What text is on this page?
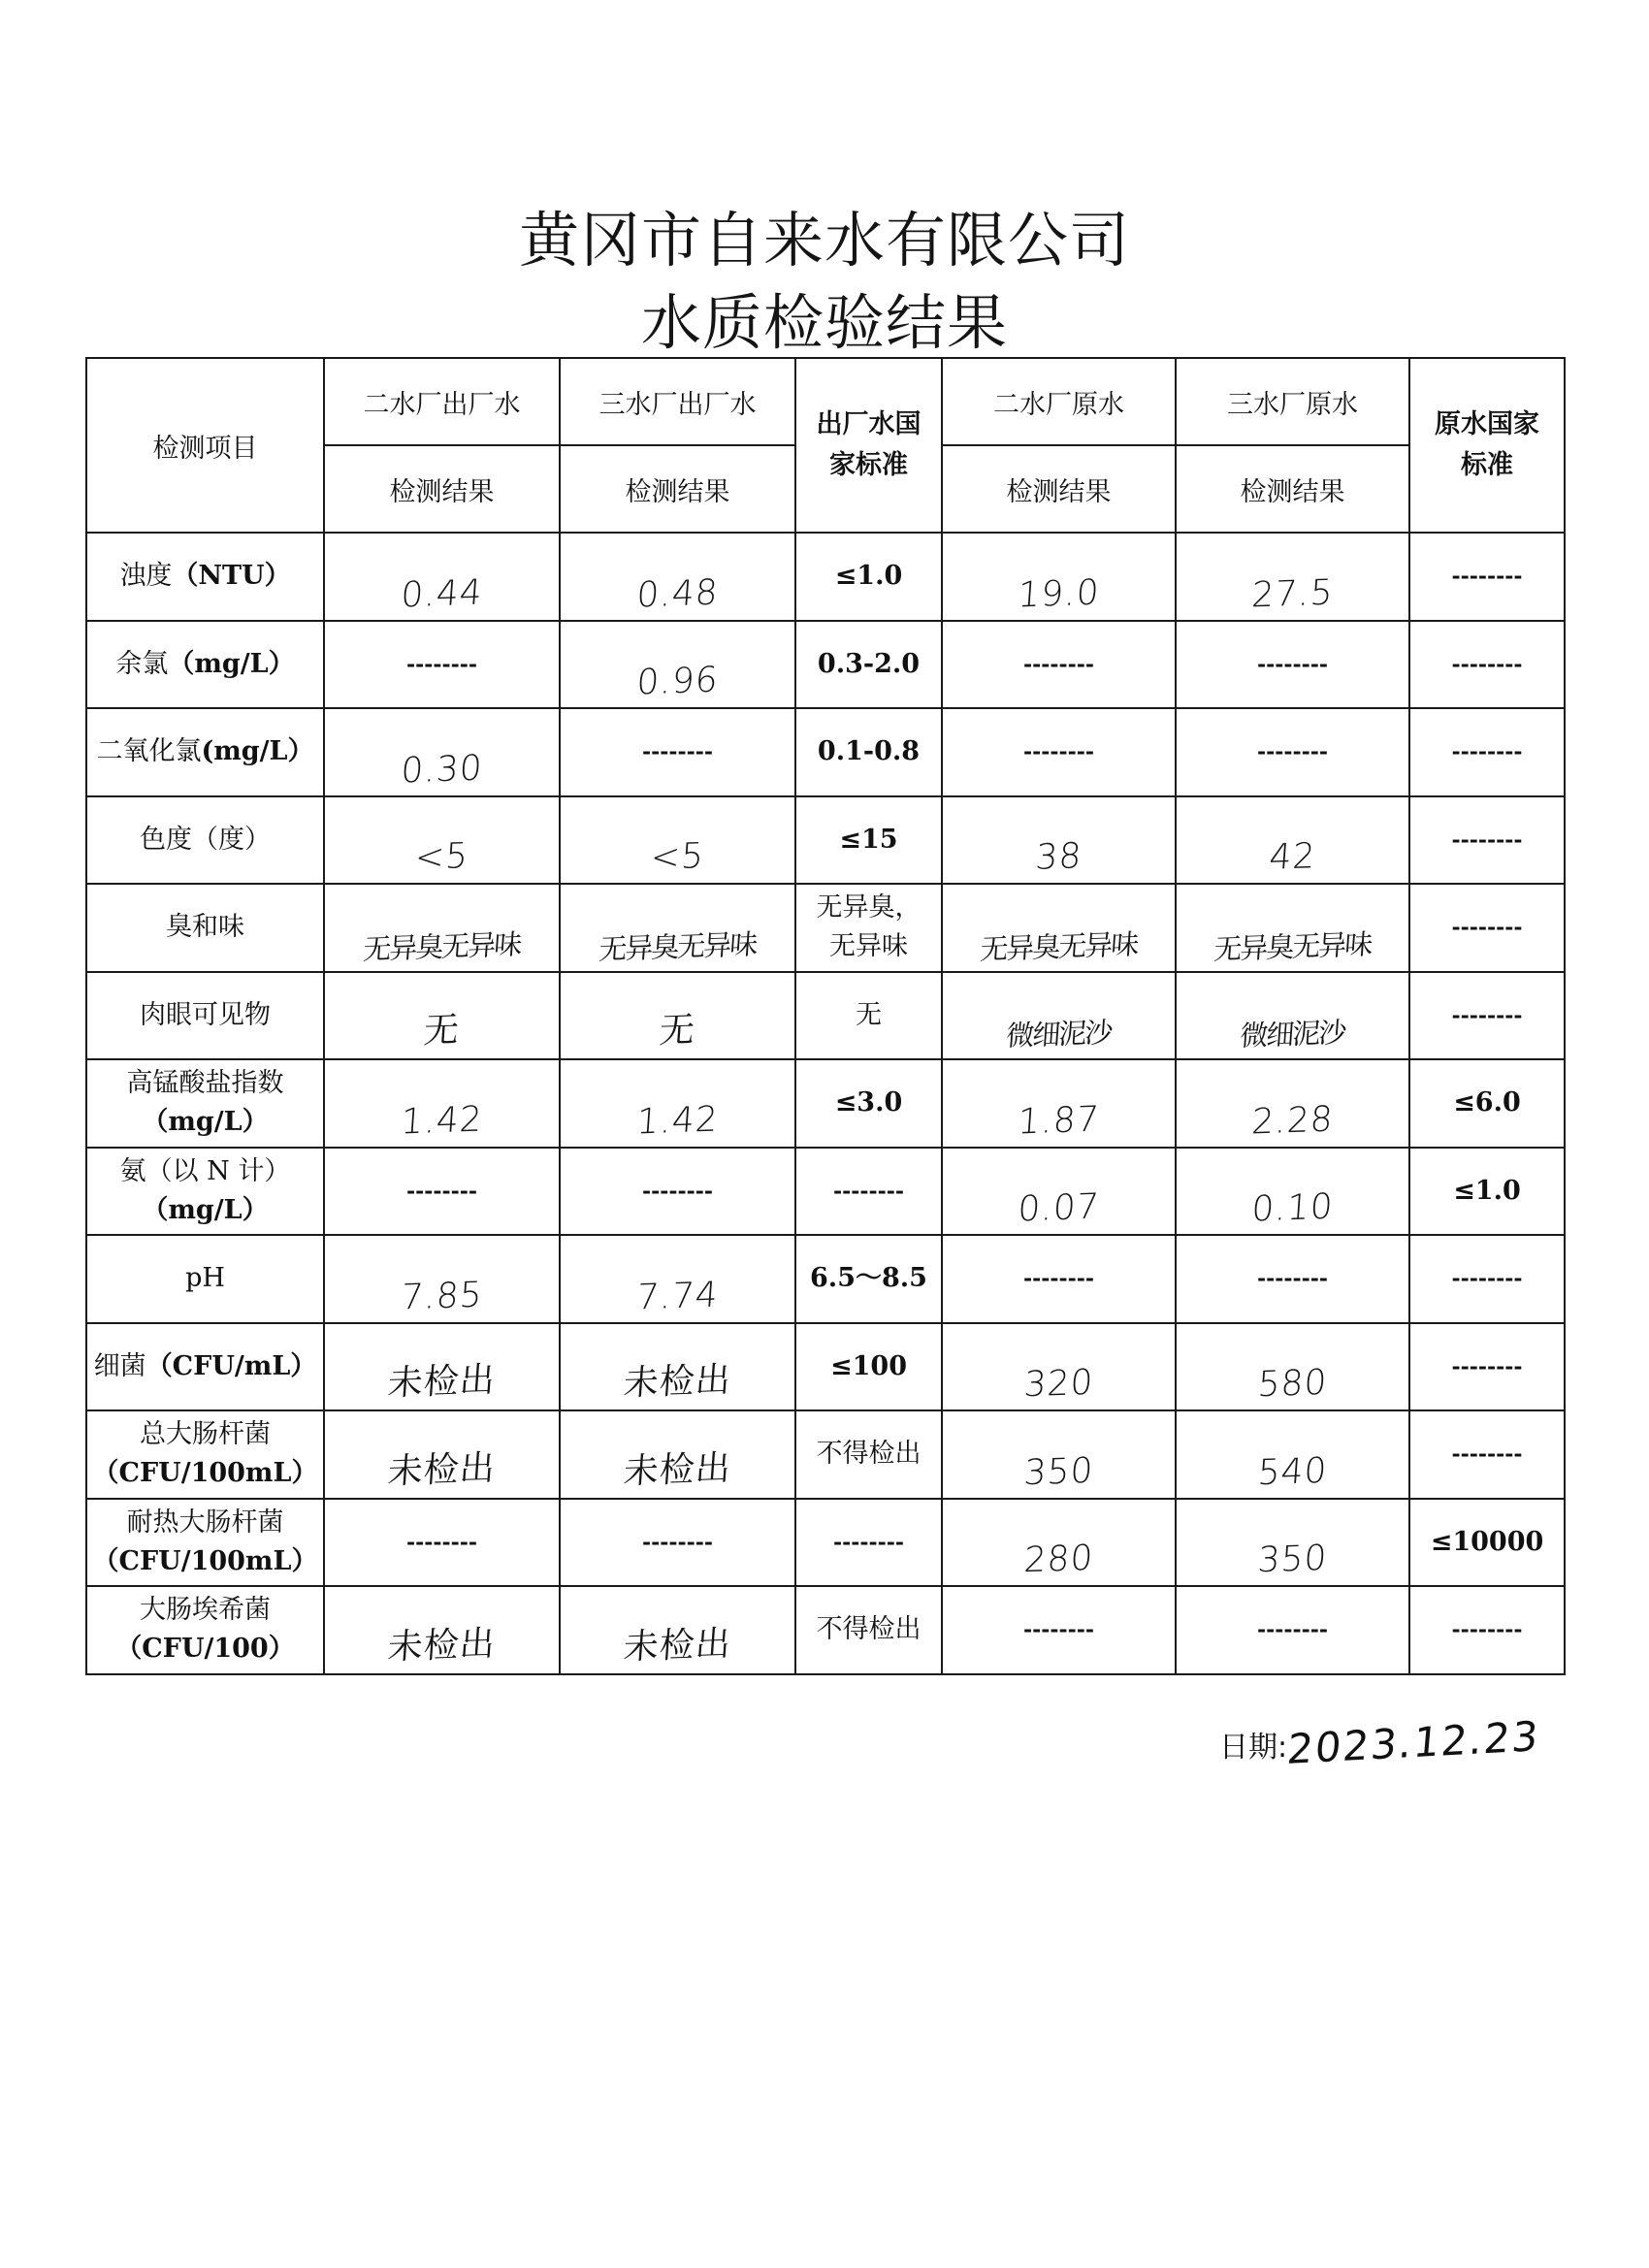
黄冈市自来水有限公司
水质检验结果
检测项目	二水厂出厂水	三水厂出厂水	出厂水国家标准	二水厂原水	三水厂原水	原水国家标准

	检测结果	检测结果		检测结果	检测结果	

浊度（NTU）	0.44	0.48	≤1.0	19.0	27.5	--------

余氯（mg/L）	--------	0.96	0.3-2.0	--------	--------	--------

二氧化氯(mg/L）	0.30	--------	0.1-0.8	--------	--------	--------

色度（度）	<5	<5	≤15	38	42	--------

臭和味	无异臭无异味	无异臭无异味	无异臭，无异味	无异臭无异味	无异臭无异味	--------

肉眼可见物	无	无	无	微细泥沙	微细泥沙	--------

高锰酸盐指数
（mg/L）	1.42	1.42	≤3.0	1.87	2.28	≤6.0

氨（以 N 计）
（mg/L）	--------	--------	--------	0.07	0.10	≤1.0

pH	7.85	7.74	6.5～8.5	--------	--------	--------

细菌（CFU/mL）	未检出	未检出	≤100	320	580	--------

总大肠杆菌
（CFU/100mL）	未检出	未检出	不得检出	350	540	--------

耐热大肠杆菌
（CFU/100mL）	--------	--------	--------	280	350	≤10000

大肠埃希菌
（CFU/100）	未检出	未检出	不得检出	--------	--------	--------
日期:2023.12.23
